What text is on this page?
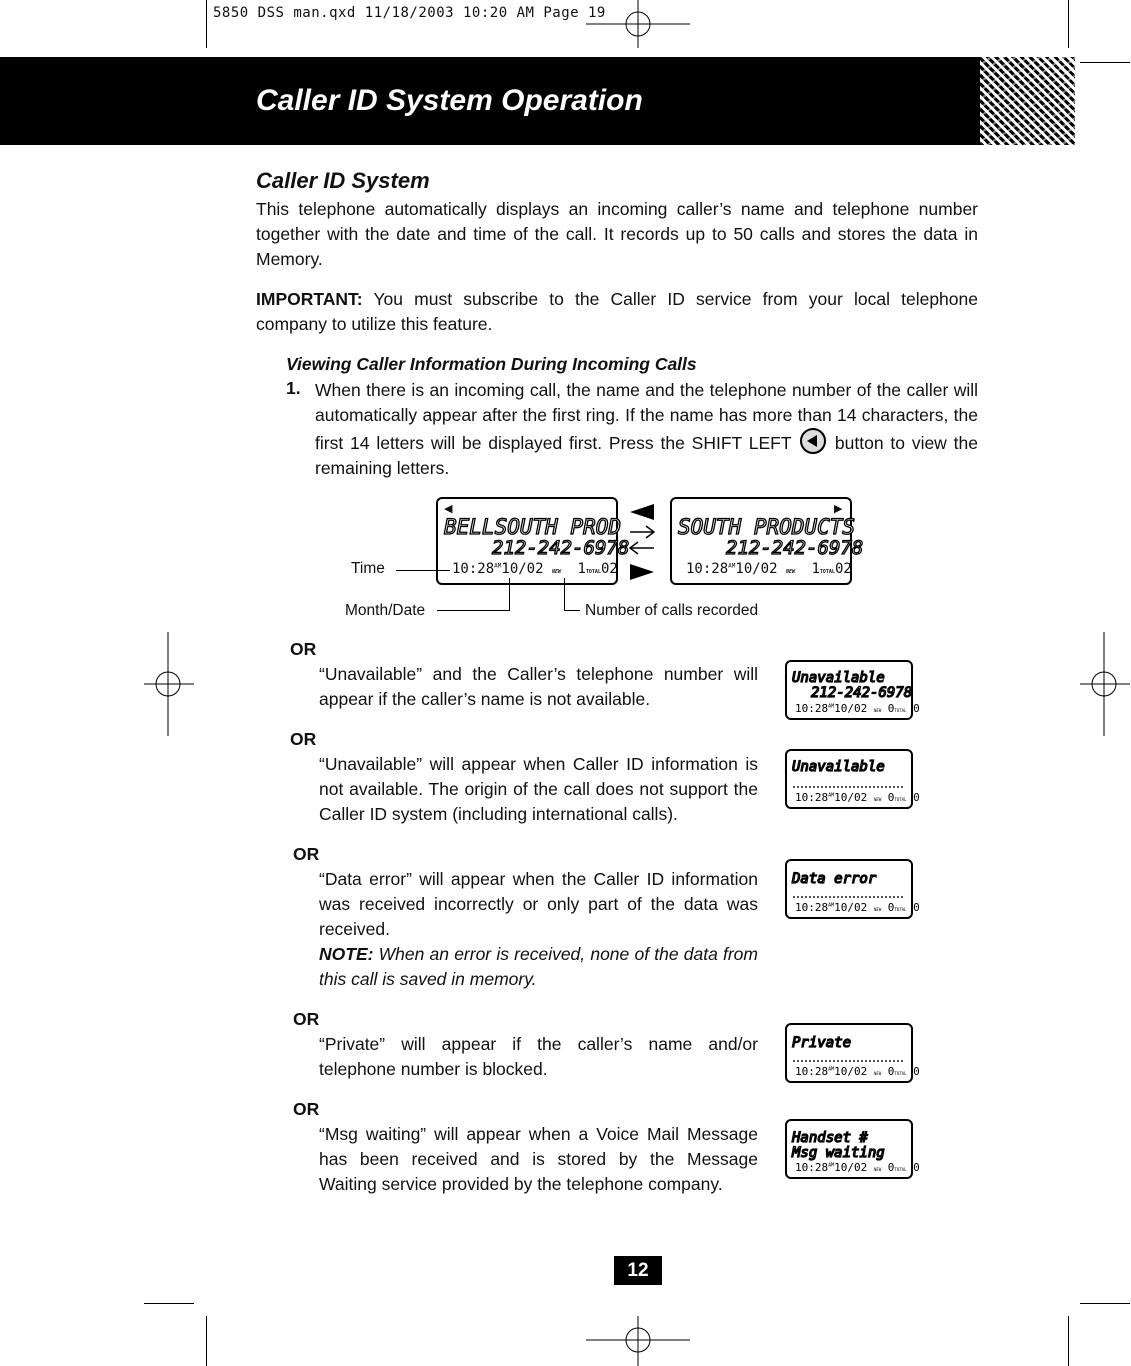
5850 DSS man.qxd 11/18/2003 10:20 AM Page 19
Caller ID System Operation
Caller ID System
This telephone automatically displays an incoming caller’s name and telephone number together with the date and time of the call. It records up to 50 calls and stores the data in Memory.
IMPORTANT: You must subscribe to the Caller ID service from your local telephone company to utilize this feature.
Viewing Caller Information During Incoming Calls
1. When there is an incoming call, the name and the telephone number of the caller will automatically appear after the first ring. If the name has more than 14 characters, the first 14 letters will be displayed first. Press the SHIFT LEFT button to view the remaining letters.
◀
BELLSOUTH PROD
212-242-6978
$10:28^{AM}10/02$ NEW 1TOTAL02
▶
SOUTH PRODUCTS
212-242-6978
$10:28^{AM}10/02$ NEW 1TOTAL02
Time
Month/Date	Number of calls recorded
OR
“Unavailable” and the Caller’s telephone number will appear if the caller’s name is not available.
OR
“Unavailable” will appear when Caller ID information is not available. The origin of the call does not support the Caller ID system (including international calls).
OR
“Data error” will appear when the Caller ID information was received incorrectly or only part of the data was received.
NOTE: When an error is received, none of the data from this call is saved in memory.
OR
“Private” will appear if the caller’s name and/or telephone number is blocked.
OR
“Msg waiting” will appear when a Voice Mail Message has been received and is stored by the Message Waiting service provided by the telephone company.
Unavailable
212-242-6978
$10:28^{AM}10/02$ NEW 0TOTAL 0
Unavailable
$10:28^{AM}10/02$ NEW 0TOTAL 0
Data error
$10:28^{AM}10/02$ NEW 0TOTAL 0
Private
$10:28^{AM}10/02$ NEW 0TOTAL 0
Handset #
Msg waiting
$10:28^{AM}10/02$ NEW 0TOTAL 0
12
